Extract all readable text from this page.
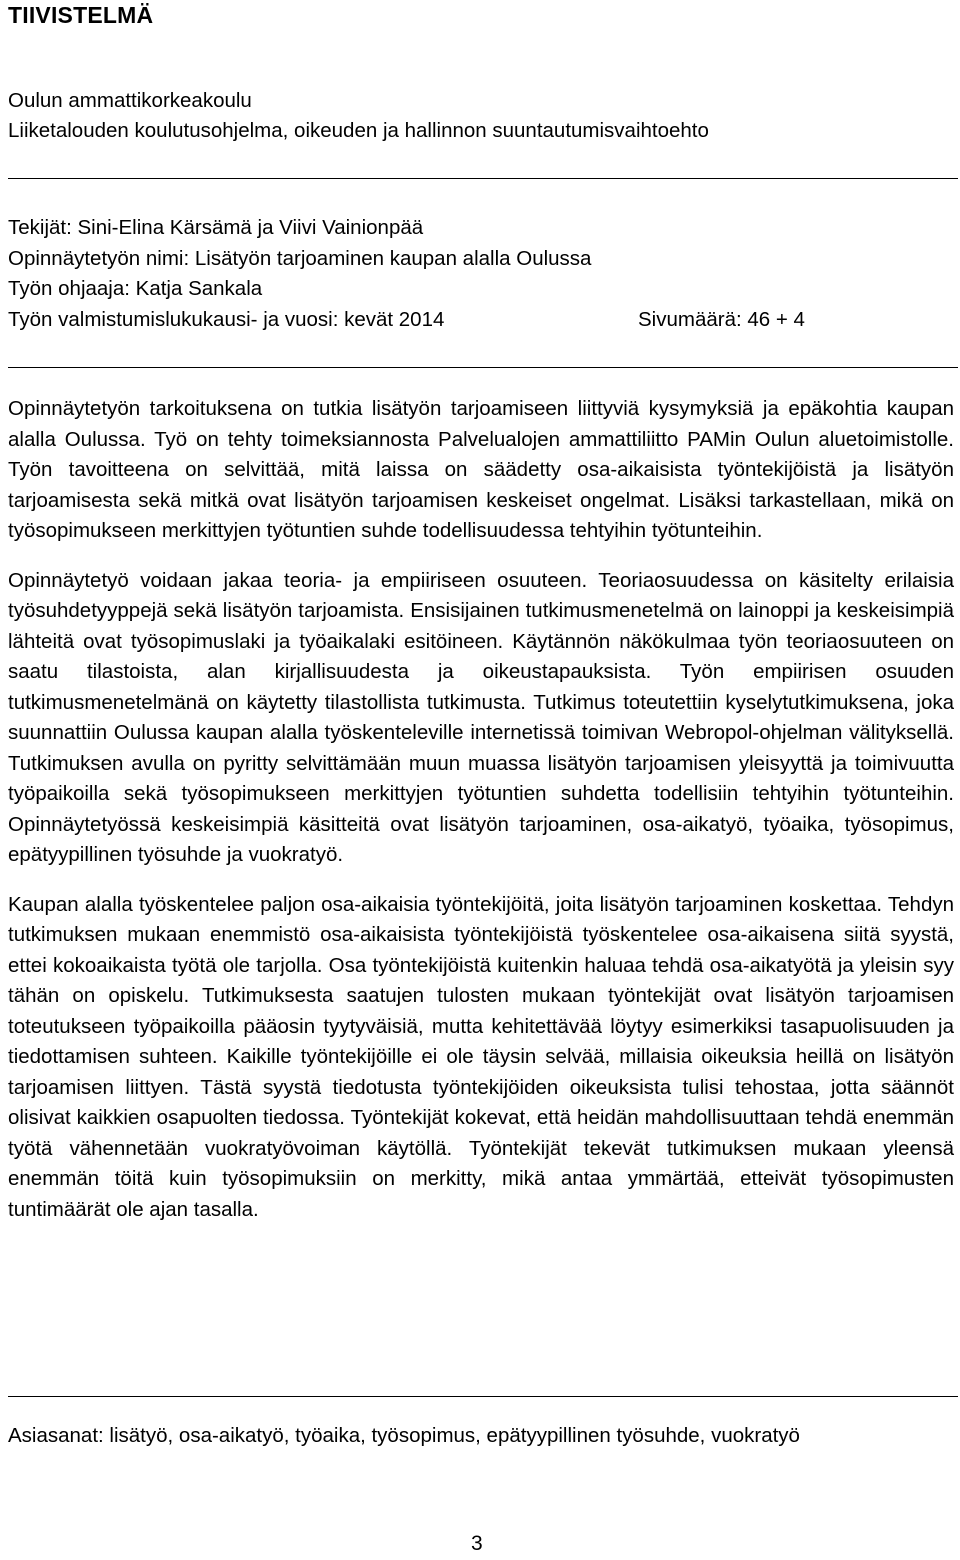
TIIVISTELMÄ
Oulun ammattikorkeakoulu
Liiketalouden koulutusohjelma, oikeuden ja hallinnon suuntautumisvaihtoehto
Tekijät: Sini-Elina Kärsämä ja Viivi Vainionpää
Opinnäytetyön nimi: Lisätyön tarjoaminen kaupan alalla Oulussa
Työn ohjaaja: Katja Sankala
Työn valmistumislukukausi- ja vuosi: kevät 2014	Sivumäärä: 46 + 4

Opinnäytetyön tarkoituksena on tutkia lisätyön tarjoamiseen liittyviä kysymyksiä ja epäkohtia kaupan alalla Oulussa. Työ on tehty toimeksiannosta Palvelualojen ammattiliitto PAMin Oulun aluetoimistolle. Työn tavoitteena on selvittää, mitä laissa on säädetty osa-aikaisista työntekijöistä ja lisätyön tarjoamisesta sekä mitkä ovat lisätyön tarjoamisen keskeiset ongelmat. Lisäksi tarkastellaan, mikä on työsopimukseen merkittyjen työtuntien suhde todellisuudessa tehtyihin työtunteihin.

Opinnäytetyö voidaan jakaa teoria- ja empiiriseen osuuteen. Teoriaosuudessa on käsitelty erilaisia työsuhdetyyppejä sekä lisätyön tarjoamista. Ensisijainen tutkimusmenetelmä on lainoppi ja keskeisimpiä lähteitä ovat työsopimuslaki ja työaikalaki esitöineen. Käytännön näkökulmaa työn teoriaosuuteen on saatu tilastoista, alan kirjallisuudesta ja oikeustapauksista. Työn empiirisen osuuden tutkimusmenetelmänä on käytetty tilastollista tutkimusta. Tutkimus toteutettiin kyselytutkimuksena, joka suunnattiin Oulussa kaupan alalla työskenteleville internetissä toimivan Webropol-ohjelman välityksellä. Tutkimuksen avulla on pyritty selvittämään muun muassa lisätyön tarjoamisen yleisyyttä ja toimivuutta työpaikoilla sekä työsopimukseen merkittyjen työtuntien suhdetta todellisiin tehtyihin työtunteihin. Opinnäytetyössä keskeisimpiä käsitteitä ovat lisätyön tarjoaminen, osa-aikatyö, työaika, työsopimus, epätyypillinen työsuhde ja vuokratyö.

Kaupan alalla työskentelee paljon osa-aikaisia työntekijöitä, joita lisätyön tarjoaminen koskettaa. Tehdyn tutkimuksen mukaan enemmistö osa-aikaisista työntekijöistä työskentelee osa-aikaisena siitä syystä, ettei kokoaikaista työtä ole tarjolla. Osa työntekijöistä kuitenkin haluaa tehdä osa-aikatyötä ja yleisin syy tähän on opiskelu. Tutkimuksesta saatujen tulosten mukaan työntekijät ovat lisätyön tarjoamisen toteutukseen työpaikoilla pääosin tyytyväisiä, mutta kehitettävää löytyy esimerkiksi tasapuolisuuden ja tiedottamisen suhteen. Kaikille työntekijöille ei ole täysin selvää, millaisia oikeuksia heillä on lisätyön tarjoamisen liittyen. Tästä syystä tiedotusta työntekijöiden oikeuksista tulisi tehostaa, jotta säännöt olisivat kaikkien osapuolten tiedossa. Työntekijät kokevat, että heidän mahdollisuuttaan tehdä enemmän työtä vähennetään vuokratyövoiman käytöllä. Työntekijät tekevät tutkimuksen mukaan yleensä enemmän töitä kuin työsopimuksiin on merkitty, mikä antaa ymmärtää, etteivät työsopimusten tuntimäärät ole ajan tasalla.

Asiasanat: lisätyö, osa-aikatyö, työaika, työsopimus, epätyypillinen työsuhde, vuokratyö
3
